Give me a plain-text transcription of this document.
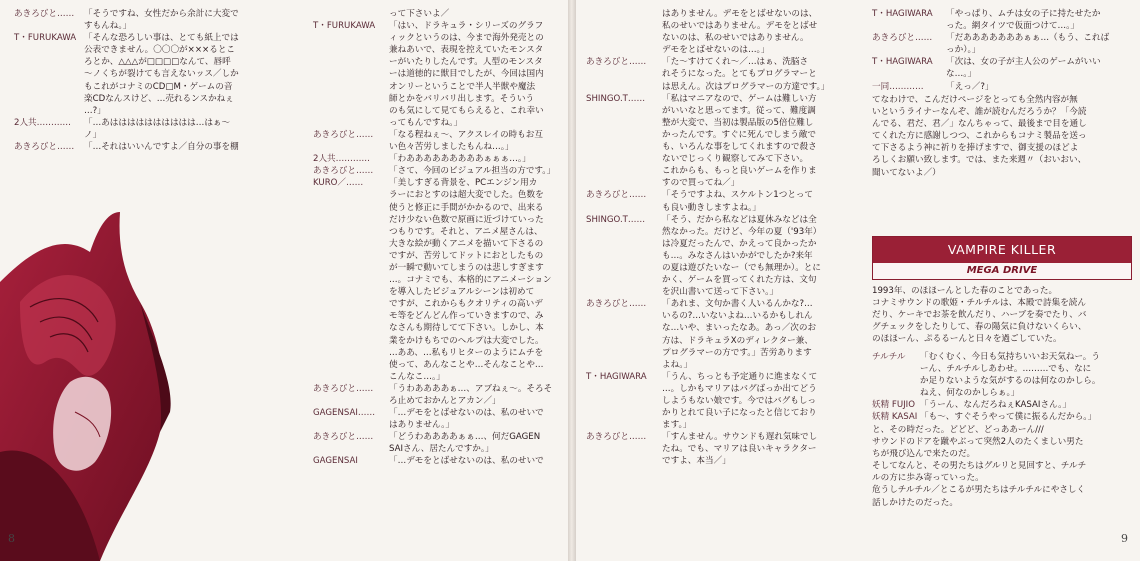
あきろびと……	「そうですね、女性だから余計に大変で
すもんね。」
T・FURUKAWA 「そんな恐ろしい事は、とても紙上では
公表できません。〇〇〇が×××るとこ
ろとか、△△△が□□□□なんて、唇呼
〜ノくちが裂けても言えないッス／しか
もこれがコナミのCD□M・ゲームの音
楽CDなんスけど、…売れるンスかねぇ
…?」
2人共…………	「…あはははははははははは…はぁ〜
ノ」
あきろびと……	「…それはいいんですよ／自分の事を棚
って下さいよ／
T・FURUKAWA	「はい、ドラキュラ・シリーズのグラフ
ィックというのは、今まで海外発売との
兼ねあいで、表現を控えていたモンスタ
ーがいたりしたんです。人型のモンスタ
ーは道徳的に獣目でしたが、今回は国内
オンリーということで半人半獣や魔法
師とかをバリバリ出します。そういう
のも気にして見てもらえると、これ幸い
ってもんですね。」
あきろびと……	「なる程ねぇ〜、アクスレイの時もお互
い色々苦労しましたもんね…。」
2人共…………	「わあああああああああぁぁぁ…。」
あきろびと……	「さて、今回のビジュアル担当の方です。」
KURO／……	「美しすぎる背景を、PCエンジン用カ
ラーにおとすのは超大変でした。色数を
使うと修正に手間がかかるので、出来る
だけ少ない色数で原画に近づけていった
つもりです。それと、アニメ屋さんは、
大きな絵が動くアニメを描いて下さるの
ですが、苦労してドットにおとしたもの
が一瞬で動いてしまうのは悲しすぎます
…。コナミでも、本格的にアニメーション
を導入したビジュアルシーンは初めて
ですが、これからもクオリティの高いデ
モ等をどんどん作っていきますので、み
なさんも期待してて下さい。しかし、本
業をかけもちでのヘルプは大変でした。
…ああ、…私もリヒターのようにムチを
使って、あんなことや…そんなことや…
こんなこ…。」
あきろびと……	「うわああああぁ…、アブねぇ〜。そろそ
ろ止めておかんとアカン／」
GAGENSAI……	「…デモをとばせないのは、私のせいで
はありません。」
あきろびと……	「どうわああああぁぁ…、何だGAGEN
SAIさん、居たんですか。」
GAGENSAI	「…デモをとばせないのは、私のせいで
8
はありません。デモをとばせないのは、
私のせいではありません。デモをとばせ
ないのは、私のせいではありません。
デモをとばせないのは…。」
あきろびと……	「た〜すけてくれ〜／…はぁ、洗脳さ
れそうになった。とてもプログラマーと
は思えん。次はプログラマーの方達です。」
SHINGO.T……	「私はマニアなので、ゲームは難しい方
がいいなと思ってます。従って、難度調
整が大変で、当初は製品版の5倍位難し
かったんです。すぐに死んでしまう敵で
も、いろんな事をしてくれますので殺さ
ないでじっくり観察してみて下さい。
これからも、もっと良いゲームを作りま
すので買ってね／」
あきろびと……	「そうですよね、スケルトン1つとって
も良い動きしますよね。」
SHINGO.T……	「そう、だから私などは夏休みなどは全
然なかった。だけど、今年の夏（'93年）
は冷夏だったんで、かえって良かったか
も…。みなさんはいかがでしたか?来年
の夏は遊びたいなー（でも無理か）。とに
かく、ゲームを買ってくれた方は、文句
を沢山書いて送って下さい。」
あきろびと……	「あれま、文句か書く人いるんかな?…
いるの?…いないよね…いるかもしれん
な…いや、まいったなあ。あっ／次のお
方は、ドラキュラXのディレクター兼、
プログラマーの方です。」苦労あります
よね。」
T・HAGIWARA	「うん、ちっとも予定通りに進まなくて
…。しかもマリアはバグばっか出てどう
しようもない娘です。今ではバグもしっ
かりとれて良い子になったと信じており
ます。」
あきろびと……	「すんません。サウンドも遅れ気味でし
たね。でも、マリアは良いキャラクター
ですよ、本当／」
T・HAGIWARA	「やっぱり、ムチは女の子に持たせたか
った。網タイツで仮面つけて…。」
あきろびと……	「だあああああああぁぁ…（もう、これば
っか）。」
T・HAGIWARA	「次は、女の子が主人公のゲームがいい
な…。」
一同…………	「えっ／?」
てなわけで、こんだけページをとっても全然内容が無
いというライナーなんぞ、誰が読むんだろうか？「今読
んでる、君だ、君／」なんちゃって、最後まで目を通し
てくれた方に感謝しつつ、これからもコナミ製品を送っ
て下さるよう神に祈りを捧げますで、御支援のほどよ
ろしくお願い致します。では、また来週〃（おいおい、
聞いてないよ／）
VAMPIRE KILLER
MEGA DRIVE
1993年、のほほーんとした春のことであった。
コナミサウンドの歌姫・チルチルは、本殿で詩集を読ん
だり、ケーキでお茶を飲んだり、ハーブを奏でたり、バ
グチェックをしたりして、春の陽気に負けないくらい、
のほほーん、ぷるるーんと日々を過ごしていた。
チルチル	「むくむく、今日も気持ちいいお天気ねー。う
ーん、チルチルしあわせ。………でも、なに
か足りないような気がするのは何なのかしら。
ねえ、何なのかしらぁ。」
妖精 FUJIO 「うーん、なんだろねぇKASAIさん。」
妖精 KASAI 「も〜、すぐそうやって僕に振るんだから。」
と、その時だった。どどど、どっああーん///
サウンドのドアを蹴やぶって突然2人のたくましい男た
ちが飛び込んで来たのだ。
そしてなんと、その男たちはグルリと見回すと、チルチ
ルの方に歩み寄っていった。
危うしチルチル／とこるが男たちはチルチルにやさしく
話しかけたのだった。
9
